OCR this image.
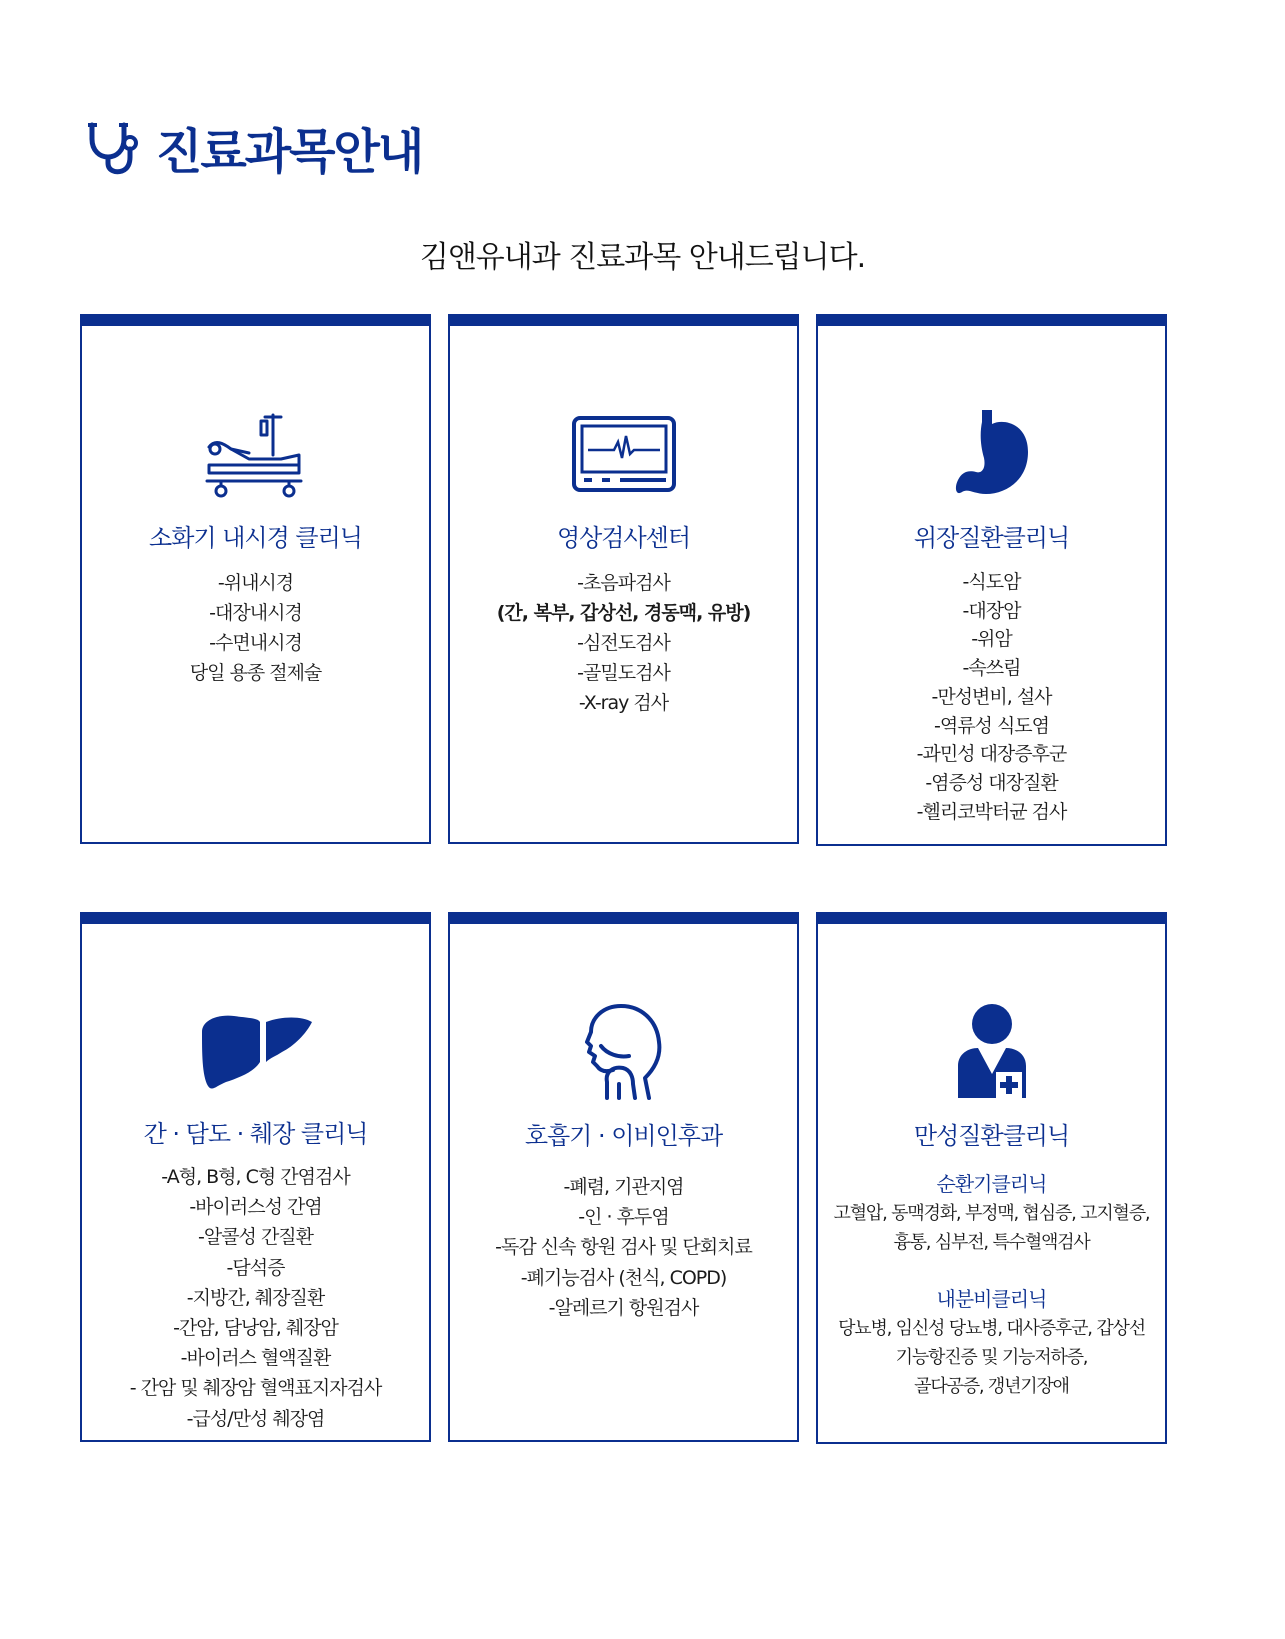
진료과목안내
김앤유내과 진료과목 안내드립니다.
소화기 내시경 클리닉
-위내시경
-대장내시경
-수면내시경
당일 용종 절제술
영상검사센터
-초음파검사
(간, 복부, 갑상선, 경동맥, 유방)
-심전도검사
-골밀도검사
-X-ray 검사
위장질환클리닉
-식도암
-대장암
-위암
-속쓰림
-만성변비, 설사
-역류성 식도염
-과민성 대장증후군
-염증성 대장질환
-헬리코박터균 검사
간 · 담도 · 췌장 클리닉
-A형, B형, C형 간염검사
-바이러스성 간염
-알콜성 간질환
-담석증
-지방간, 췌장질환
-간암, 담낭암, 췌장암
-바이러스 혈액질환
- 간암 및 췌장암 혈액표지자검사
-급성/만성 췌장염
호흡기 · 이비인후과
-폐렴, 기관지염
-인 · 후두염
-독감 신속 항원 검사 및 단회치료
-폐기능검사 (천식, COPD)
-알레르기 항원검사
만성질환클리닉
순환기클리닉
고혈압, 동맥경화, 부정맥, 협심증, 고지혈증,
흉통, 심부전, 특수혈액검사
내분비클리닉
당뇨병, 임신성 당뇨병, 대사증후군, 갑상선
기능항진증 및 기능저하증,
골다공증, 갱년기장애
